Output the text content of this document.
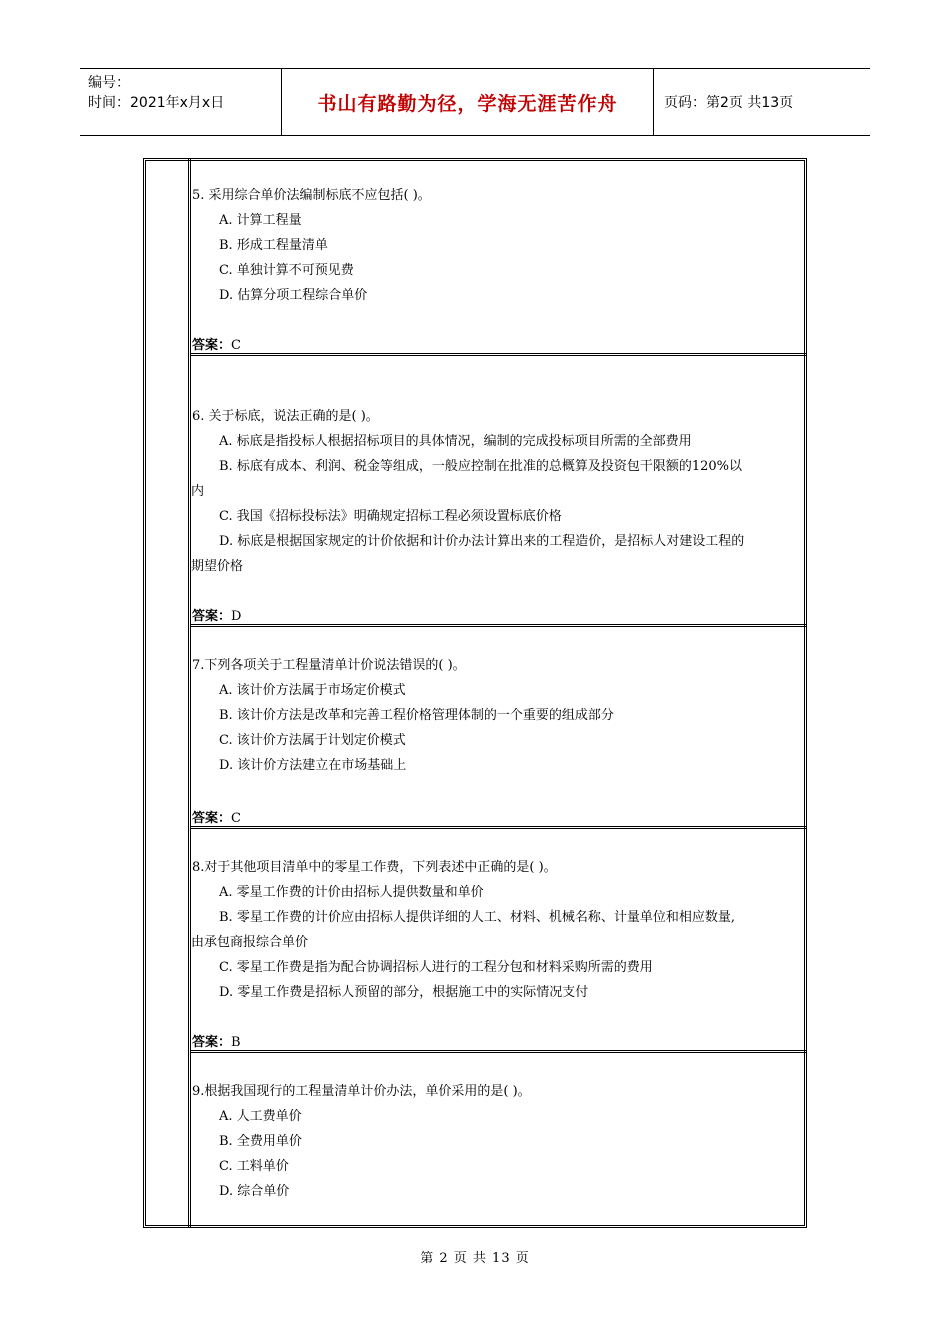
编号：
时间：2021年x月x日	书山有路勤为径，学海无涯苦作舟	页码：第2页 共13页
5. 采用综合单价法编制标底不应包括( )。
A. 计算工程量
B. 形成工程量清单
C. 单独计算不可预见费
D. 估算分项工程综合单价
答案：C
6. 关于标底，说法正确的是( )。
A. 标底是指投标人根据招标项目的具体情况，编制的完成投标项目所需的全部费用
B. 标底有成本、利润、税金等组成，一般应控制在批准的总概算及投资包干限额的120%以
内
C. 我国《招标投标法》明确规定招标工程必须设置标底价格
D. 标底是根据国家规定的计价依据和计价办法计算出来的工程造价，是招标人对建设工程的
期望价格
答案：D
7.下列各项关于工程量清单计价说法错误的( )。
A. 该计价方法属于市场定价模式
B. 该计价方法是改革和完善工程价格管理体制的一个重要的组成部分
C. 该计价方法属于计划定价模式
D. 该计价方法建立在市场基础上
答案：C
8.对于其他项目清单中的零星工作费，下列表述中正确的是( )。
A. 零星工作费的计价由招标人提供数量和单价
B. 零星工作费的计价应由招标人提供详细的人工、材料、机械名称、计量单位和相应数量,
由承包商报综合单价
C. 零星工作费是指为配合协调招标人进行的工程分包和材料采购所需的费用
D. 零星工作费是招标人预留的部分，根据施工中的实际情况支付
答案：B
9.根据我国现行的工程量清单计价办法，单价采用的是( )。
A. 人工费单价
B. 全费用单价
C. 工料单价
D. 综合单价
第 2 页 共 13 页
